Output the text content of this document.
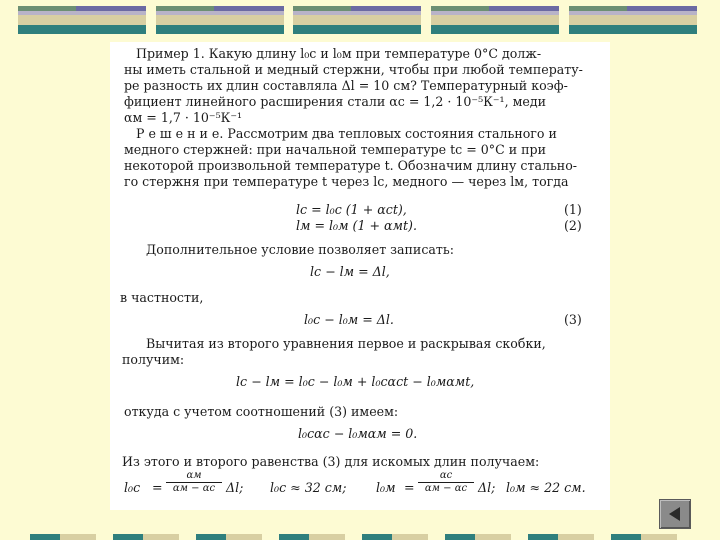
Пример 1. Какую длину l₀с и l₀м при температуре 0°С долж-
ны иметь стальной и медный стержни, чтобы при любой температу-
ре разность их длин составляла Δl = 10 см? Температурный коэф-
фициент линейного расширения стали αс = 1,2 · 10⁻⁵К⁻¹, меди
αм = 1,7 · 10⁻⁵К⁻¹
Р е ш е н и е. Рассмотрим два тепловых состояния стального и
медного стержней: при начальной температуре tс = 0°С и при
некоторой произвольной температуре t. Обозначим длину стально-
го стержня при температуре t через lс, медного — через lм, тогда
lс = l₀с (1 + αсt),	(1)
lм = l₀м (1 + αмt).	(2)
Дополнительное условие позволяет записать:
lс − lм = Δl,
в частности,
l₀с − l₀м = Δl.	(3)
Вычитая из второго уравнения первое и раскрывая скобки,
получим:
lс − lм = l₀с − l₀м + l₀сαсt − l₀мαмt,
откуда с учетом соотношений (3) имеем:
l₀сαс − l₀мαм = 0.
Из этого и второго равенства (3) для искомых длин получаем:
l₀с =
αм
αм − αс Δl; l₀с ≈ 32 см; l₀м =
αс
αм − αс Δl; l₀м ≈ 22 см.
